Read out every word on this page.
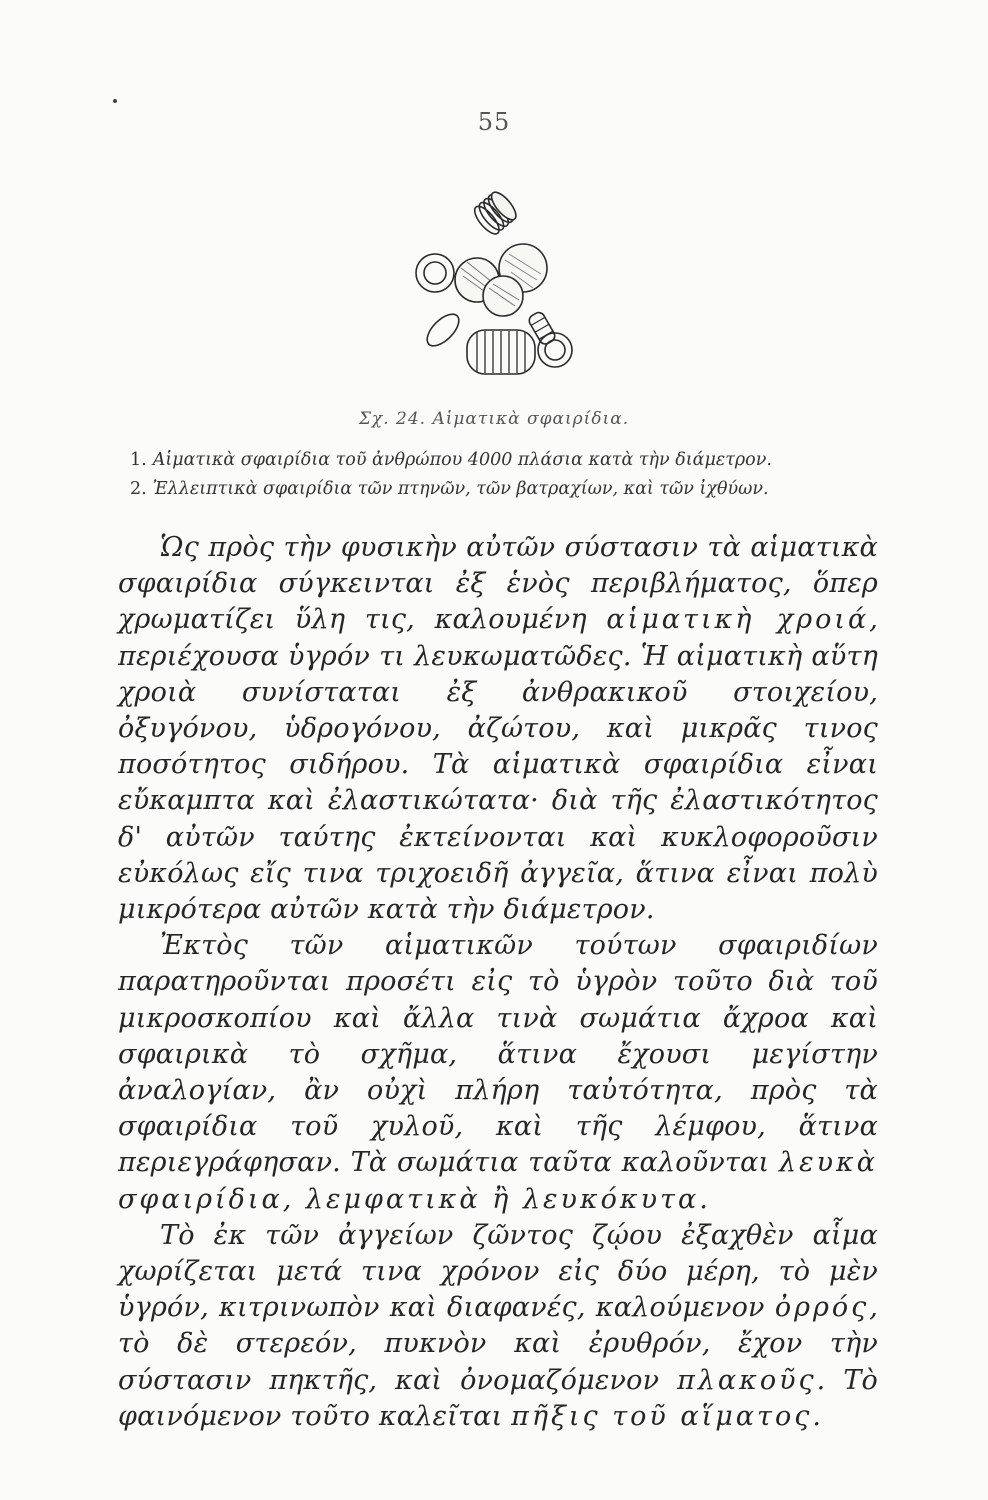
55
Σχ. 24. Αἱματικὰ σφαιρίδια.
1. Αἱματικὰ σφαιρίδια τοῦ ἀνθρώπου 4000 πλάσια κατὰ τὴν διάμετρον.
2. Ἐλλειπτικὰ σφαιρίδια τῶν πτηνῶν, τῶν βατραχίων, καὶ τῶν ἰχθύων.

Ὡς πρὸς τὴν φυσικὴν αὐτῶν σύστασιν τὰ αἱματικὰ σφαιρίδια σύγκεινται ἐξ ἑνὸς περιβλήματος, ὅπερ χρωματίζει ὕλη τις, καλουμένη αἱματικὴ χροιά, περιέχουσα ὑγρόν τι λευκωματῶδες. Ἡ αἱματικὴ αὕτη χροιὰ συνίσταται ἐξ ἀνθρακικοῦ στοιχείου, ὀξυγόνου, ὑδρογόνου, ἀζώτου, καὶ μικρᾶς τινος ποσότητος σιδήρου. Τὰ αἱματικὰ σφαιρίδια εἶναι εὔκαμπτα καὶ ἐλαστικώτατα· διὰ τῆς ἐλαστικότητος δ' αὐτῶν ταύτης ἐκτείνονται καὶ κυκλοφοροῦσιν εὐκόλως εἴς τινα τριχοειδῆ ἀγγεῖα, ἅτινα εἶναι πολὺ μικρότερα αὐτῶν κατὰ τὴν διάμετρον.

Ἐκτὸς τῶν αἱματικῶν τούτων σφαιριδίων παρατηροῦνται προσέτι εἰς τὸ ὑγρὸν τοῦτο διὰ τοῦ μικροσκοπίου καὶ ἄλλα τινὰ σωμάτια ἄχροα καὶ σφαιρικὰ τὸ σχῆμα, ἅτινα ἔχουσι μεγίστην ἀναλογίαν, ἂν οὐχὶ πλήρη ταὐτότητα, πρὸς τὰ σφαιρίδια τοῦ χυλοῦ, καὶ τῆς λέμφου, ἅτινα περιεγράφησαν. Τὰ σωμάτια ταῦτα καλοῦνται λευκὰ σφαιρίδια, λεμφατικὰ ἢ λευκόκυτα.

Τὸ ἐκ τῶν ἀγγείων ζῶντος ζῴου ἐξαχθὲν αἷμα χωρίζεται μετά τινα χρόνον εἰς δύο μέρη, τὸ μὲν ὑγρόν, κιτρινωπὸν καὶ διαφανές, καλούμενον ὀρρός, τὸ δὲ στερεόν, πυκνὸν καὶ ἐρυθρόν, ἔχον τὴν σύστασιν πηκτῆς, καὶ ὀνομαζόμενον πλακοῦς. Τὸ φαινόμενον τοῦτο καλεῖται πῆξις τοῦ αἵματος.
